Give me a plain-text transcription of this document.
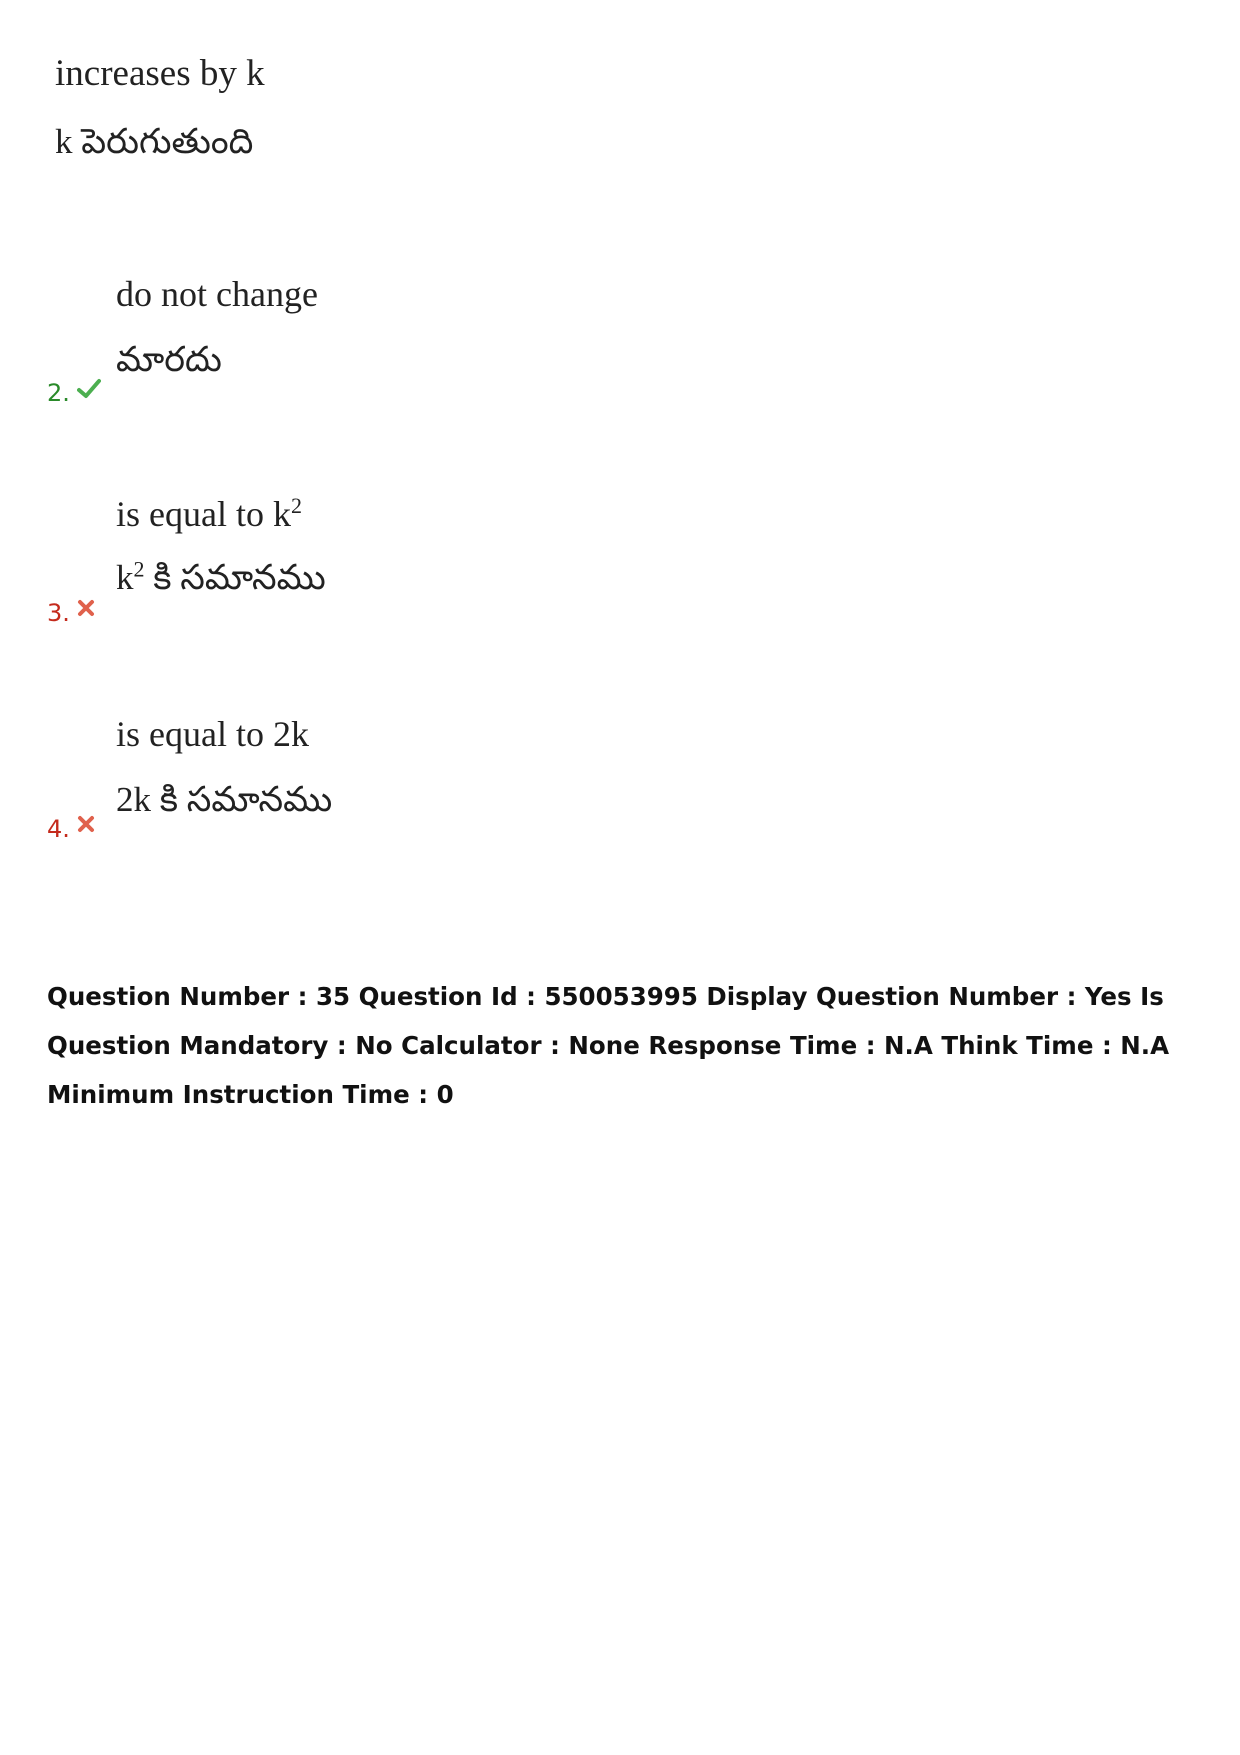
increases by k
k పెరుగుతుంది
do not change
మారదు
2.
is equal to $k^2$
$k^2$ కి సమానము
3.
is equal to 2k
2k కి సమానము
4.
Question Number : 35 Question Id : 550053995 Display Question Number : Yes Is Question Mandatory : No Calculator : None Response Time : N.A Think Time : N.A Minimum Instruction Time : 0
